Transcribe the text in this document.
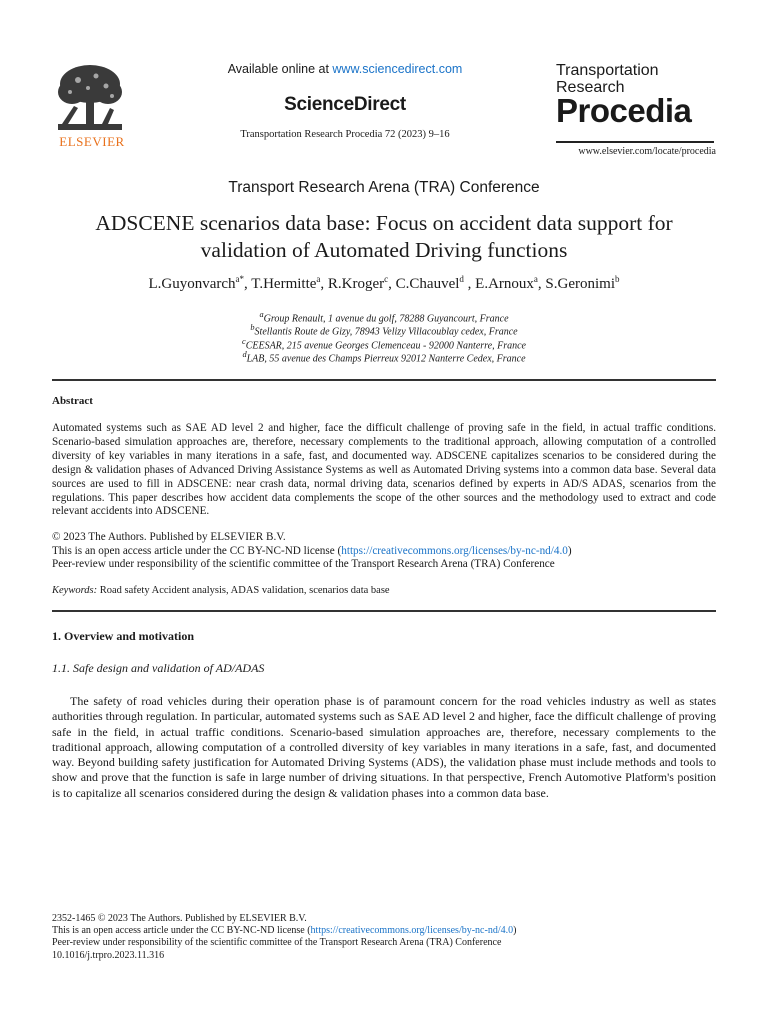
ELSEVIER
Available online at www.sciencedirect.com
ScienceDirect
Transportation Research Procedia 72 (2023) 9–16
Transportation
Research
Procedia
www.elsevier.com/locate/procedia
Transport Research Arena (TRA) Conference
ADSCENE scenarios data base: Focus on accident data support for
validation of Automated Driving functions
L.Guyonvarch$^{a*}$, T.Hermitte$^a$, R.Kroger$^c$, C.Chauvel$^d$ , E.Arnoux$^a$, S.Geronimi$^b$
$^a$Group Renault, 1 avenue du golf, 78288 Guyancourt, France
$^b$Stellantis Route de Gizy, 78943 Velizy Villacoublay cedex, France
$^c$CEESAR, 215 avenue Georges Clemenceau - 92000 Nanterre, France
$^d$LAB, 55 avenue des Champs Pierreux 92012 Nanterre Cedex, France
Abstract
Automated systems such as SAE AD level 2 and higher, face the difficult challenge of proving safe in the field, in actual traffic conditions. Scenario-based simulation approaches are, therefore, necessary complements to the traditional approach, allowing computation of a controlled diversity of key variables in many iterations in a safe, fast, and documented way. ADSCENE capitalizes scenarios to be considered during the design & validation phases of Advanced Driving Assistance Systems as well as Automated Driving systems into a common data base. Several data sources are used to fill in ADSCENE: near crash data, normal driving data, scenarios defined by experts in AD/S ADAS, scenarios from the regulations. This paper describes how accident data complements the scope of the other sources and the methodology used to extract and code relevant accidents into ADSCENE.
© 2023 The Authors. Published by ELSEVIER B.V.
This is an open access article under the CC BY-NC-ND license (https://creativecommons.org/licenses/by-nc-nd/4.0)
Peer-review under responsibility of the scientific committee of the Transport Research Arena (TRA) Conference
Keywords: Road safety Accident analysis, ADAS validation, scenarios data base
1. Overview and motivation
1.1. Safe design and validation of AD/ADAS
The safety of road vehicles during their operation phase is of paramount concern for the road vehicles industry as well as states authorities through regulation. In particular, automated systems such as SAE AD level 2 and higher, face the difficult challenge of proving safe in the field, in actual traffic conditions. Scenario-based simulation approaches are, therefore, necessary complements to the traditional approach, allowing computation of a controlled diversity of key variables in many iterations in a safe, fast, and documented way. Beyond building safety justification for Automated Driving Systems (ADS), the validation phase must include methods and tools to show and prove that the function is safe in large number of driving situations. In that perspective, French Automotive Platform's position is to capitalize all scenarios considered during the design & validation phases into a common data base.
2352-1465 © 2023 The Authors. Published by ELSEVIER B.V.
This is an open access article under the CC BY-NC-ND license (https://creativecommons.org/licenses/by-nc-nd/4.0)
Peer-review under responsibility of the scientific committee of the Transport Research Arena (TRA) Conference
10.1016/j.trpro.2023.11.316
